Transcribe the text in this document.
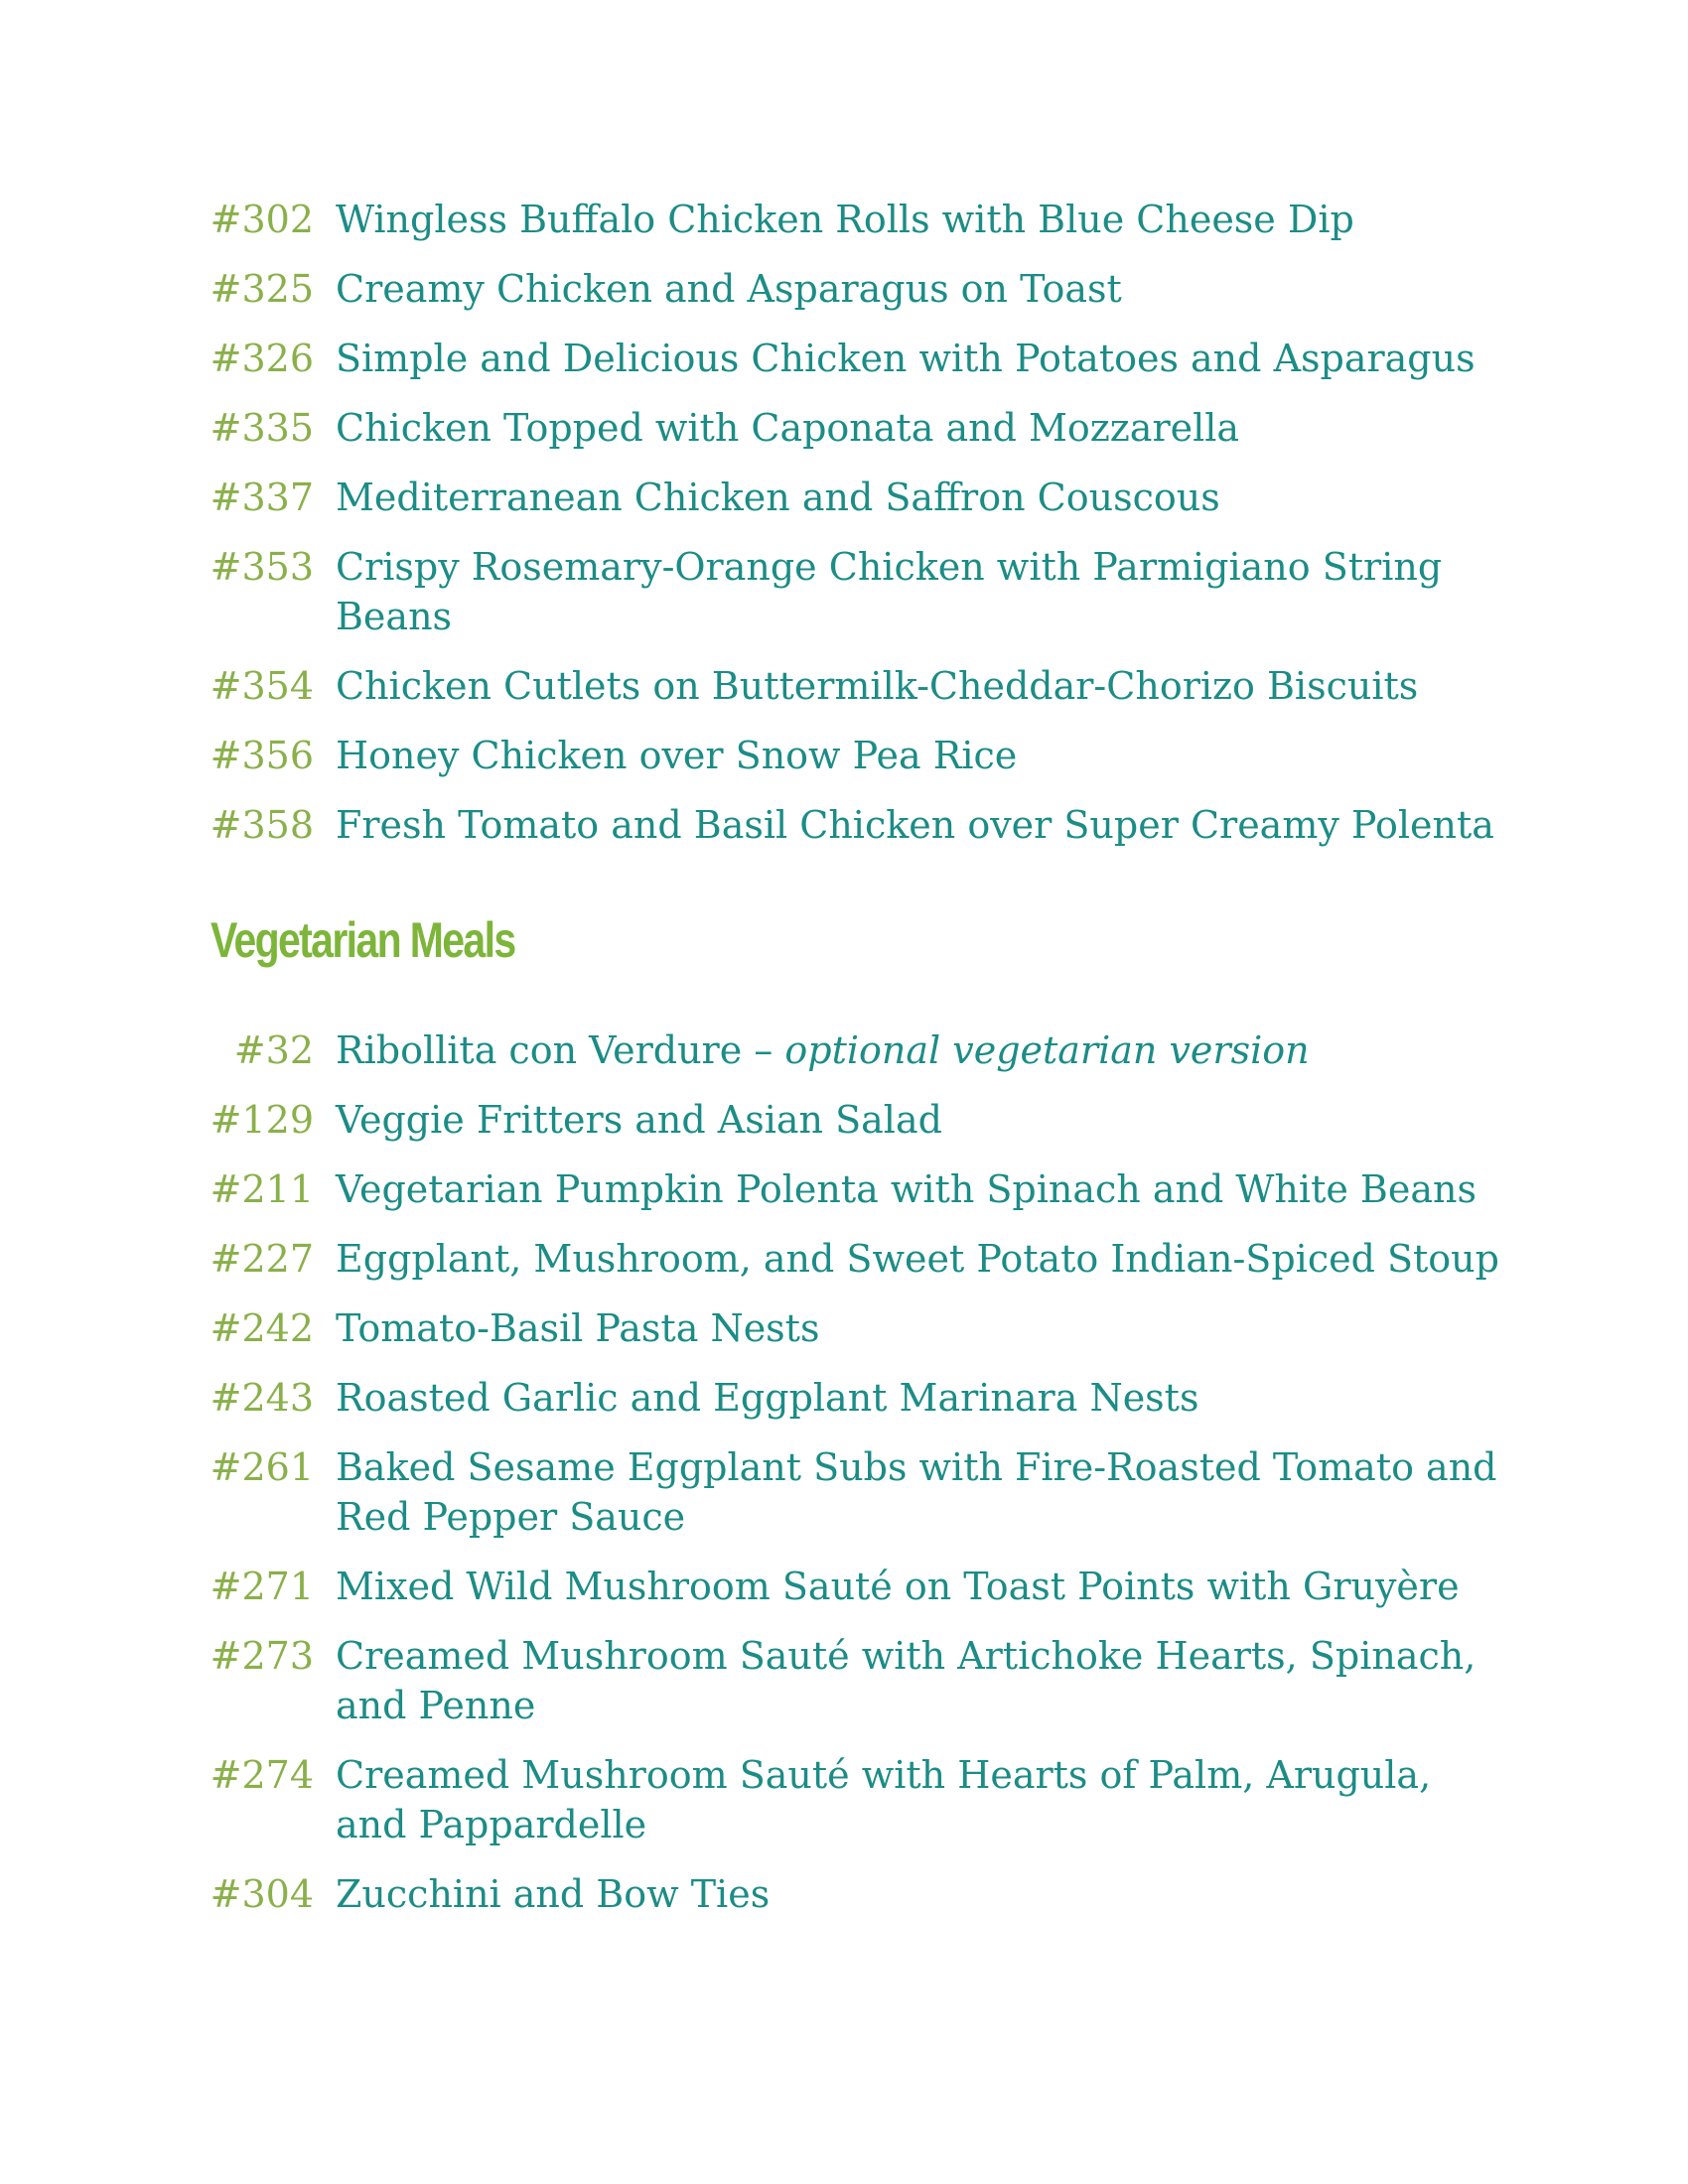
#302 Wingless Buffalo Chicken Rolls with Blue Cheese Dip
#325 Creamy Chicken and Asparagus on Toast
#326 Simple and Delicious Chicken with Potatoes and Asparagus
#335 Chicken Topped with Caponata and Mozzarella
#337 Mediterranean Chicken and Saffron Couscous
#353 Crispy Rosemary-Orange Chicken with Parmigiano String Beans
#354 Chicken Cutlets on Buttermilk-Cheddar-Chorizo Biscuits
#356 Honey Chicken over Snow Pea Rice
#358 Fresh Tomato and Basil Chicken over Super Creamy Polenta
Vegetarian Meals
#32 Ribollita con Verdure – optional vegetarian version
#129 Veggie Fritters and Asian Salad
#211 Vegetarian Pumpkin Polenta with Spinach and White Beans
#227 Eggplant, Mushroom, and Sweet Potato Indian-Spiced Stoup
#242 Tomato-Basil Pasta Nests
#243 Roasted Garlic and Eggplant Marinara Nests
#261 Baked Sesame Eggplant Subs with Fire-Roasted Tomato and Red Pepper Sauce
#271 Mixed Wild Mushroom Sauté on Toast Points with Gruyère
#273 Creamed Mushroom Sauté with Artichoke Hearts, Spinach, and Penne
#274 Creamed Mushroom Sauté with Hearts of Palm, Arugula, and Pappardelle
#304 Zucchini and Bow Ties
